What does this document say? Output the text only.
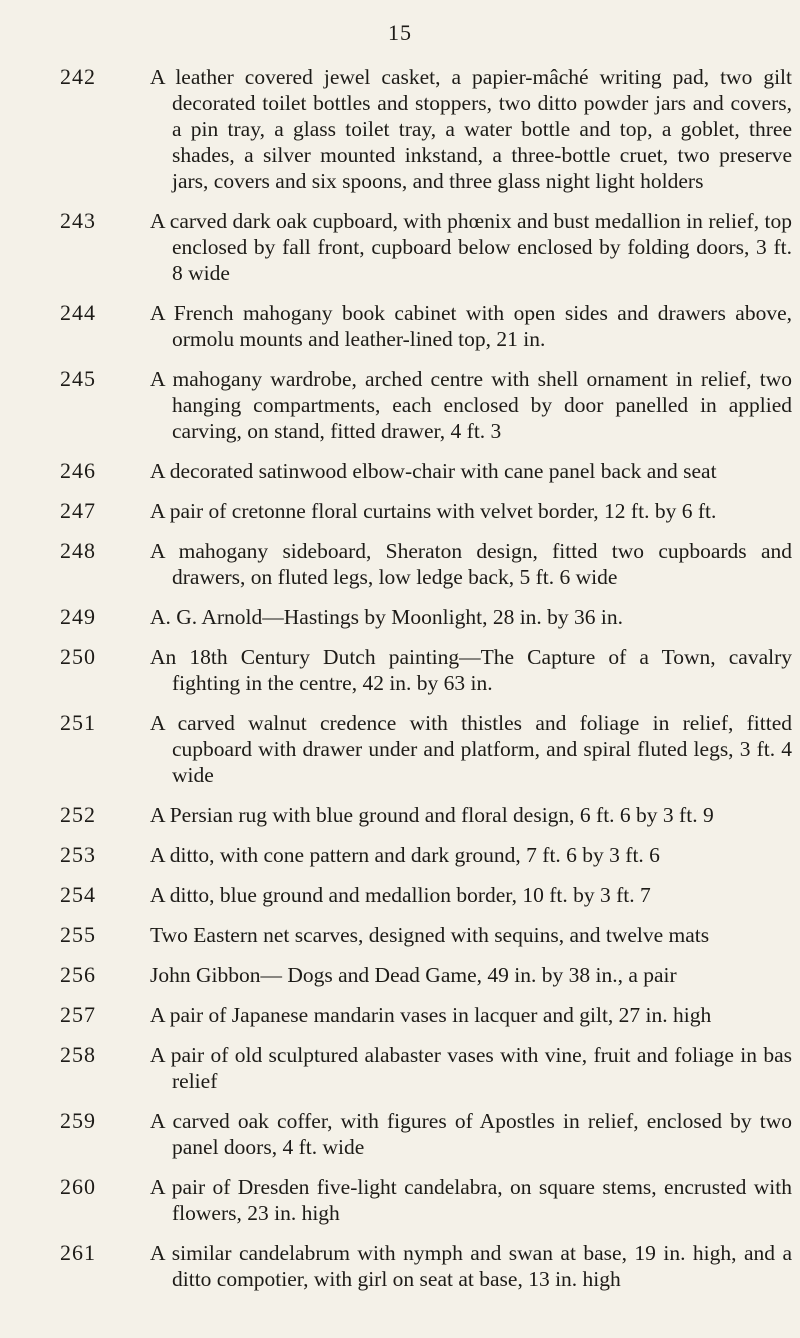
15
242	A leather covered jewel casket, a papier-mâché writing pad, two gilt decorated toilet bottles and stoppers, two ditto powder jars and covers, a pin tray, a glass toilet tray, a water bottle and top, a goblet, three shades, a silver mounted inkstand, a three-bottle cruet, two preserve jars, covers and six spoons, and three glass night light holders
243	A carved dark oak cupboard, with phœnix and bust medallion in relief, top enclosed by fall front, cupboard below enclosed by folding doors, 3 ft. 8 wide
244	A French mahogany book cabinet with open sides and drawers above, ormolu mounts and leather-lined top, 21 in.
245	A mahogany wardrobe, arched centre with shell ornament in relief, two hanging compartments, each enclosed by door panelled in applied carving, on stand, fitted drawer, 4 ft. 3
246	A decorated satinwood elbow-chair with cane panel back and seat
247	A pair of cretonne floral curtains with velvet border, 12 ft. by 6 ft.
248	A mahogany sideboard, Sheraton design, fitted two cupboards and drawers, on fluted legs, low ledge back, 5 ft. 6 wide
249	A. G. Arnold—Hastings by Moonlight, 28 in. by 36 in.
250	An 18th Century Dutch painting—The Capture of a Town, cavalry fighting in the centre, 42 in. by 63 in.
251	A carved walnut credence with thistles and foliage in relief, fitted cupboard with drawer under and platform, and spiral fluted legs, 3 ft. 4 wide
252	A Persian rug with blue ground and floral design, 6 ft. 6 by 3 ft. 9
253	A ditto, with cone pattern and dark ground, 7 ft. 6 by 3 ft. 6
254	A ditto, blue ground and medallion border, 10 ft. by 3 ft. 7
255	Two Eastern net scarves, designed with sequins, and twelve mats
256	John Gibbon— Dogs and Dead Game, 49 in. by 38 in., a pair
257	A pair of Japanese mandarin vases in lacquer and gilt, 27 in. high
258	A pair of old sculptured alabaster vases with vine, fruit and foliage in bas relief
259	A carved oak coffer, with figures of Apostles in relief, enclosed by two panel doors, 4 ft. wide
260	A pair of Dresden five-light candelabra, on square stems, encrusted with flowers, 23 in. high
261	A similar candelabrum with nymph and swan at base, 19 in. high, and a ditto compotier, with girl on seat at base, 13 in. high
